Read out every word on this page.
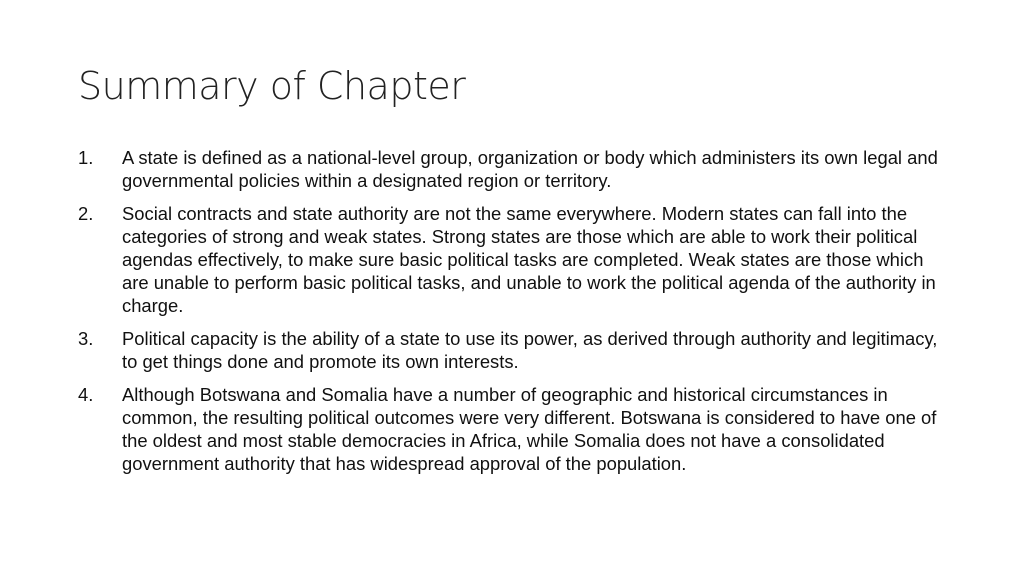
Summary of Chapter
1.	A state is defined as a national-level group, organization or body which administers its own legal and governmental policies within a designated region or territory.
2.	Social contracts and state authority are not the same everywhere. Modern states can fall into the categories of strong and weak states. Strong states are those which are able to work their political agendas effectively, to make sure basic political tasks are completed. Weak states are those which are unable to perform basic political tasks, and unable to work the political agenda of the authority in charge.
3.	Political capacity is the ability of a state to use its power, as derived through authority and legitimacy, to get things done and promote its own interests.
4.	Although Botswana and Somalia have a number of geographic and historical circumstances in common, the resulting political outcomes were very different. Botswana is considered to have one of the oldest and most stable democracies in Africa, while Somalia does not have a consolidated government authority that has widespread approval of the population.
